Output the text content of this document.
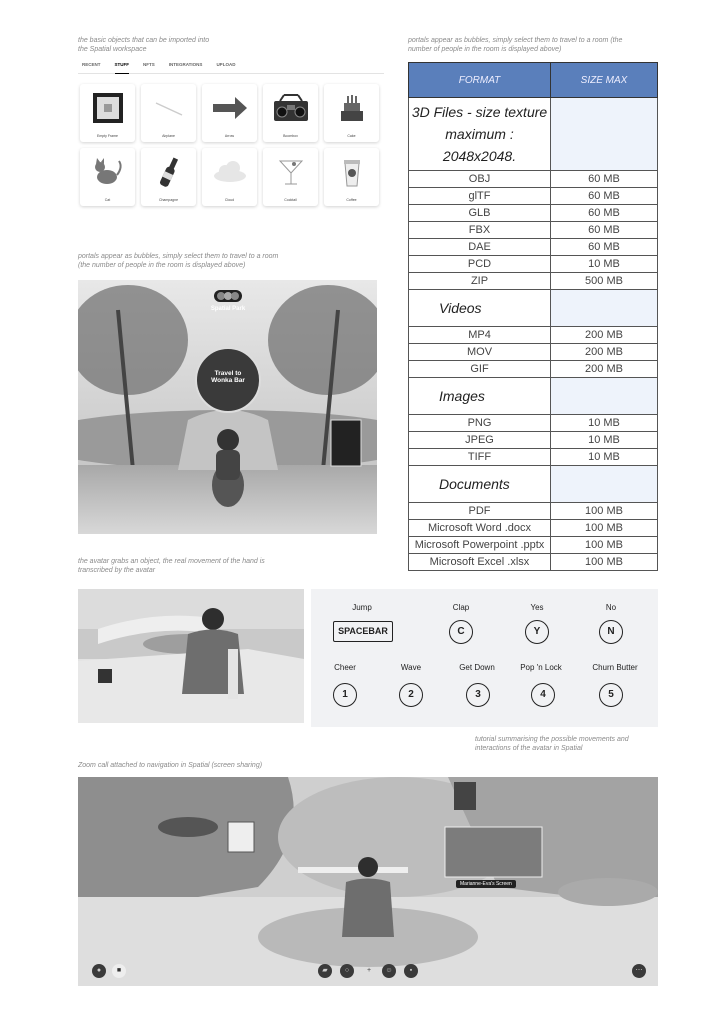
the basic objects that can be imported into
the Spatial workspace
portals appear as bubbles, simply select them to travel to a room (the
number of people in the room is displayed above)
RECENT	STUFF	NFTS	INTEGRATIONS	UPLOAD
Empty Frame	Airplane	Arrow	Boombox	Cake
Cat	Champagne	Cloud	Cocktail	Coffee
FORMAT	SIZE MAX
3D Files - size texture maximum : 2048x2048.	
OBJ	60 MB
glTF	60 MB
GLB	60 MB
FBX	60 MB
DAE	60 MB
PCD	10 MB
ZIP	500 MB
Videos	
MP4	200 MB
MOV	200 MB
GIF	200 MB
Images	
PNG	10 MB
JPEG	10 MB
TIFF	10 MB
Documents	
PDF	100 MB
Microsoft Word .docx	100 MB
Microsoft Powerpoint .pptx	100 MB
Microsoft Excel .xlsx	100 MB
portals appear as bubbles, simply select them to travel to a room
(the number of people in the room is displayed above)
Spatial Park
Travel to
Wonka Bar
the avatar grabs an object, the real movement of the hand is
transcribed by the avatar
Jump
SPACEBAR
Clap
C
Yes
Y
No
N
Cheer
1
Wave
2
Get Down
3
Pop 'n Lock
4
Churn Butter
5
tutorial summarising the possible movements and
interactions of the avatar in Spatial
Zoom call attached to navigation in Spatial (screen sharing)
Marianne-Eva's Screen
●	■	▰	○	+	☺	▪	⋯
